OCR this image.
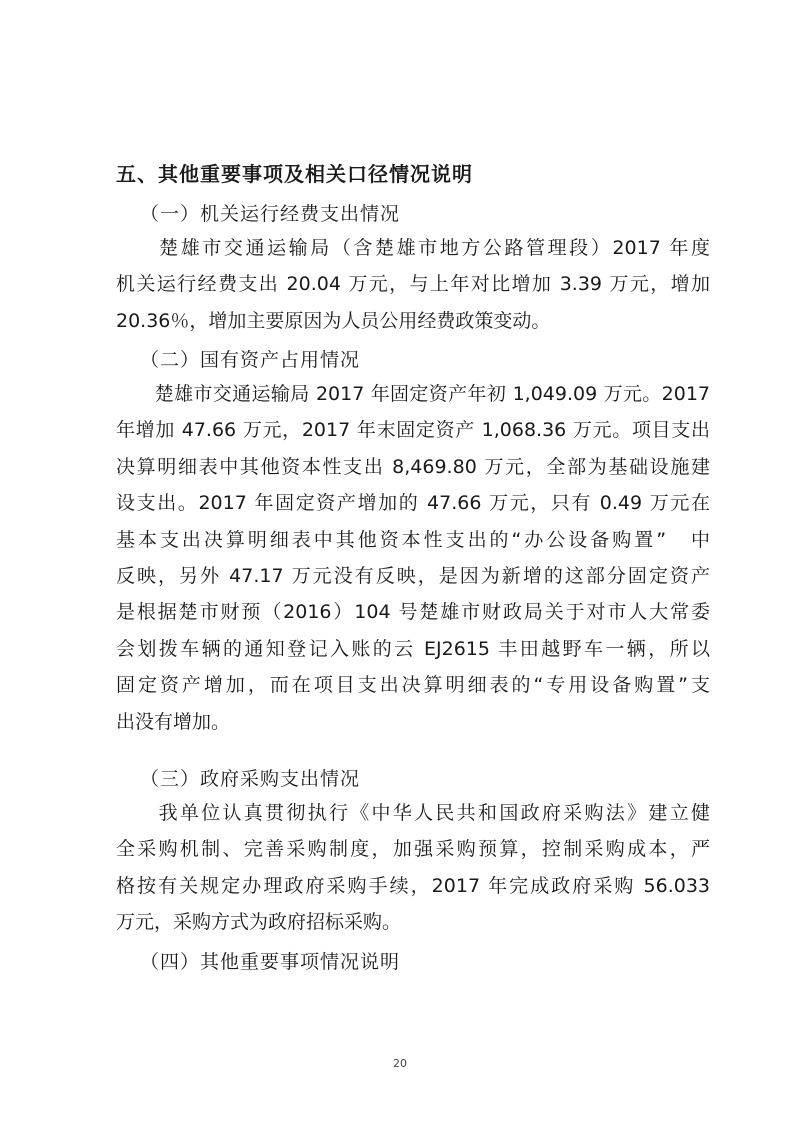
五、其他重要事项及相关口径情况说明
（一）机关运行经费支出情况
　　楚雄市交通运输局（含楚雄市地方公路管理段）2017 年度
机关运行经费支出 20.04 万元，与上年对比增加 3.39 万元，增加
20.36％，增加主要原因为人员公用经费政策变动。
（二）国有资产占用情况
　　楚雄市交通运输局 2017 年固定资产年初 1,049.09 万元。2017
年增加 47.66 万元，2017 年末固定资产 1,068.36 万元。项目支出
决算明细表中其他资本性支出 8,469.80 万元，全部为基础设施建
设支出。2017 年固定资产增加的 47.66 万元，只有 0.49 万元在
基本支出决算明细表中其他资本性支出的“办公设备购置”　中
反映，另外 47.17 万元没有反映，是因为新增的这部分固定资产
是根据楚市财预（2016）104 号楚雄市财政局关于对市人大常委
会划拨车辆的通知登记入账的云 EJ2615 丰田越野车一辆，所以
固定资产增加，而在项目支出决算明细表的“专用设备购置”支
出没有增加。
（三）政府采购支出情况
　　我单位认真贯彻执行《中华人民共和国政府采购法》建立健
全采购机制、完善采购制度，加强采购预算，控制采购成本，严
格按有关规定办理政府采购手续，2017 年完成政府采购 56.033
万元，采购方式为政府招标采购。
（四）其他重要事项情况说明
20
